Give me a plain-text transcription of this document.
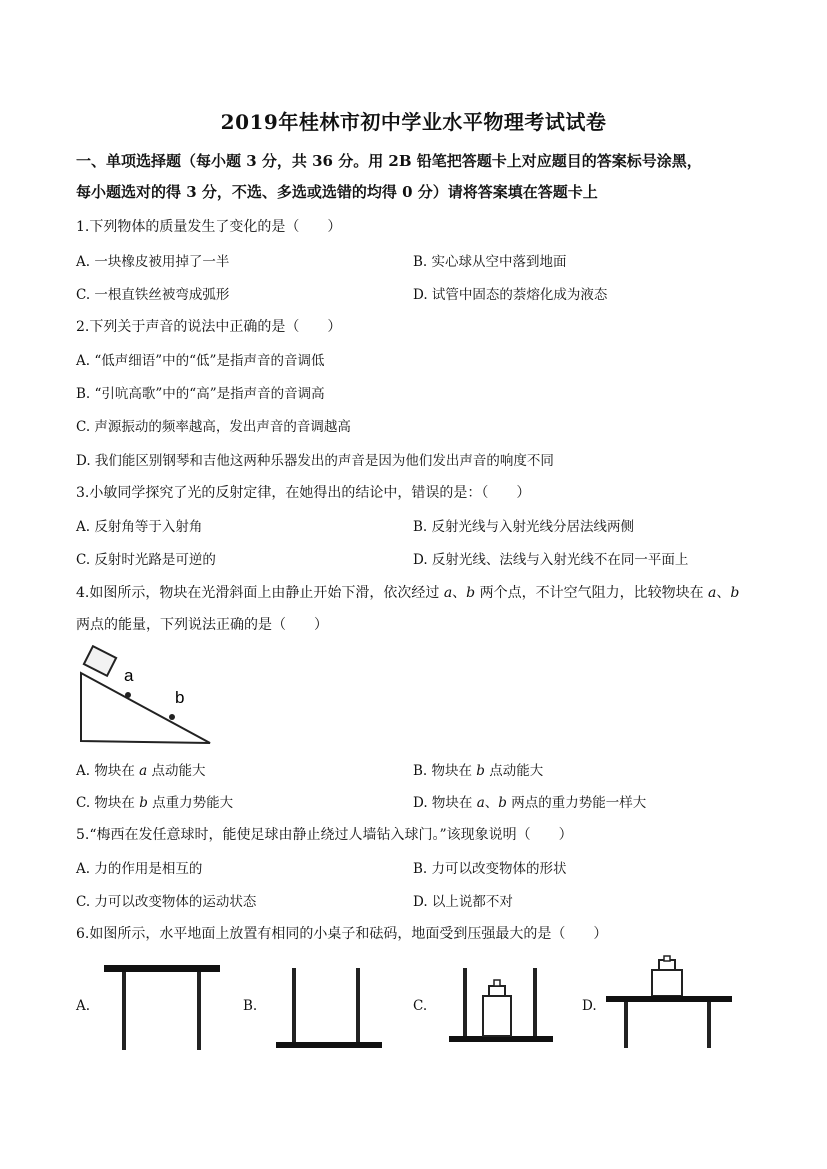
2019年桂林市初中学业水平物理考试试卷
一、单项选择题（每小题 3 分，共 36 分。用 2B 铅笔把答题卡上对应题目的答案标号涂黑，
每小题选对的得 3 分，不选、多选或选错的均得 0 分）请将答案填在答题卡上
1.下列物体的质量发生了变化的是（　　）
A. 一块橡皮被用掉了一半	B. 实心球从空中落到地面
C. 一根直铁丝被弯成弧形	D. 试管中固态的萘熔化成为液态
2.下列关于声音的说法中正确的是（　　）
A. “低声细语”中的“低”是指声音的音调低
B. “引吭高歌”中的“高”是指声音的音调高
C. 声源振动的频率越高，发出声音的音调越高
D. 我们能区别钢琴和吉他这两种乐器发出的声音是因为他们发出声音的响度不同
3.小敏同学探究了光的反射定律，在她得出的结论中，错误的是：（　　）
A. 反射角等于入射角	B. 反射光线与入射光线分居法线两侧
C. 反射时光路是可逆的	D. 反射光线、法线与入射光线不在同一平面上
4.如图所示，物块在光滑斜面上由静止开始下滑，依次经过 a、b 两个点，不计空气阻力，比较物块在 a、b
两点的能量，下列说法正确的是（　　）
a
b
A. 物块在 a 点动能大	B. 物块在 b 点动能大
C. 物块在 b 点重力势能大	D. 物块在 a、b 两点的重力势能一样大
5.“梅西在发任意球时，能使足球由静止绕过人墙钻入球门。”该现象说明（　　）
A. 力的作用是相互的	B. 力可以改变物体的形状
C. 力可以改变物体的运动状态	D. 以上说都不对
6.如图所示，水平地面上放置有相同的小桌子和砝码，地面受到压强最大的是（　　）
A.	B.	C.	D.
